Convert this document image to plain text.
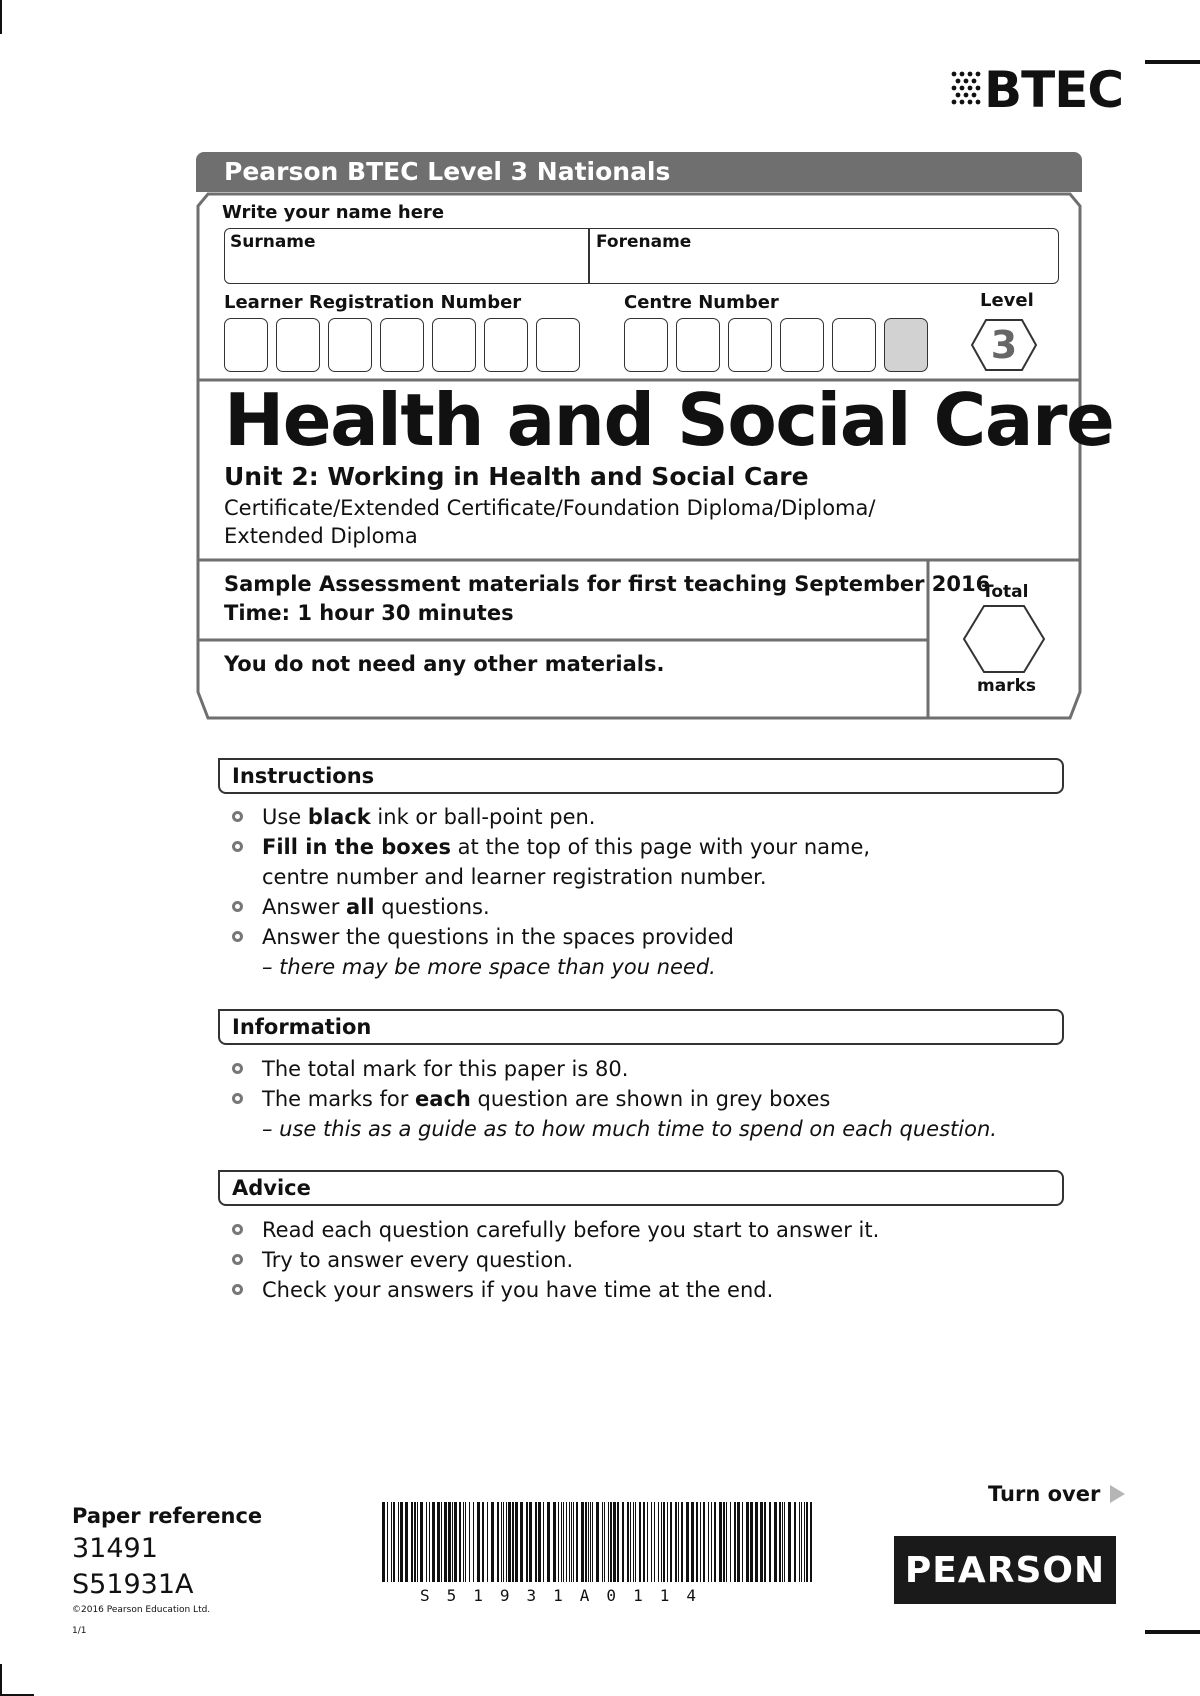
BTEC
Pearson BTEC Level 3 Nationals
Write your name here
Surname	Forename
Learner Registration Number	Centre Number	Level
3
Health and Social Care
Unit 2: Working in Health and Social Care
Certificate/Extended Certificate/Foundation Diploma/Diploma/
Extended Diploma
Sample Assessment materials for first teaching September 2016
Time: 1 hour 30 minutes
You do not need any other materials.
Total
marks
Instructions
Use black ink or ball-point pen.
Fill in the boxes at the top of this page with your name,
centre number and learner registration number.
Answer all questions.
Answer the questions in the spaces provided
– there may be more space than you need.
Information
The total mark for this paper is 80.
The marks for each question are shown in grey boxes
– use this as a guide as to how much time to spend on each question.
Advice
Read each question carefully before you start to answer it.
Try to answer every question.
Check your answers if you have time at the end.
Paper reference
31491
S51931A
©2016 Pearson Education Ltd.
1/1
S51931A0114
Turn over
PEARSON
